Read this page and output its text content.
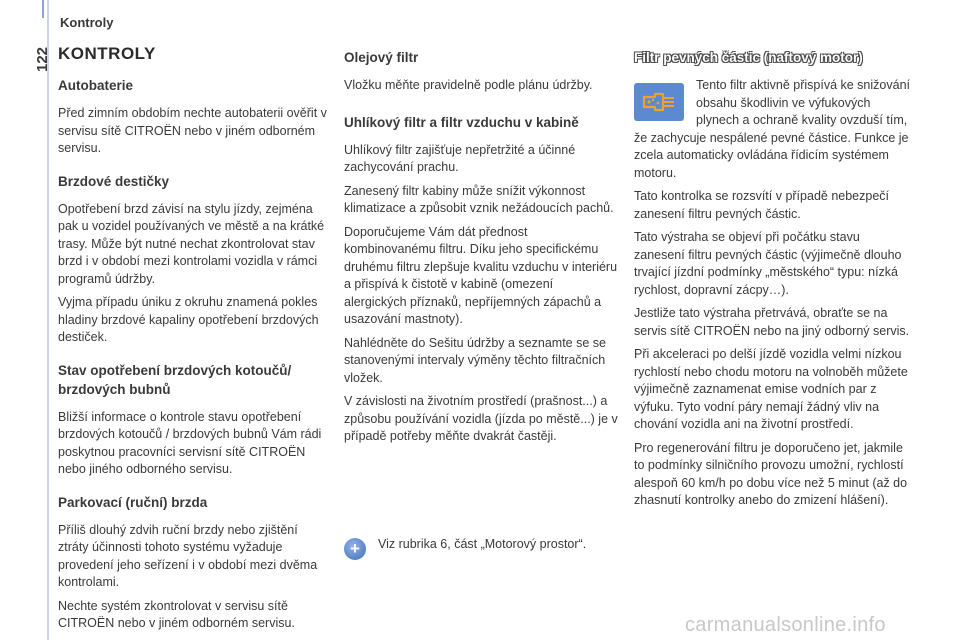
122
Kontroly
KONTROLY
Autobaterie

Před zimním obdobím nechte autobaterii ověřit v servisu sítě CITROËN nebo v jiném odborném servisu.

Brzdové destičky

Opotřebení brzd závisí na stylu jízdy, zejména pak u vozidel používaných ve městě a na krátké trasy. Může být nutné nechat zkontrolovat stav brzd i v období mezi kontrolami vozidla v rámci programů údržby.

Vyjma případu úniku z okruhu znamená pokles hladiny brzdové kapaliny opotřebení brzdových destiček.

Stav opotřebení brzdových kotoučů/ brzdových bubnů

Bližší informace o kontrole stavu opotřebení brzdových kotoučů / brzdových bubnů Vám rádi poskytnou pracovníci servisní sítě CITROËN nebo jiného odborného servisu.

Parkovací (ruční) brzda

Příliš dlouhý zdvih ruční brzdy nebo zjištění ztráty účinnosti tohoto systému vyžaduje provedení jeho seřízení i v období mezi dvěma kontrolami.

Nechte systém zkontrolovat v servisu sítě CITROËN nebo v jiném odborném servisu.

Olejový filtr

Vložku měňte pravidelně podle plánu údržby.

Uhlíkový filtr a filtr vzduchu v kabině

Uhlíkový filtr zajišťuje nepřetržité a účinné zachycování prachu.

Zanesený filtr kabiny může snížit výkonnost klimatizace a způsobit vznik nežádoucích pachů.

Doporučujeme Vám dát přednost kombinovanému filtru. Díku jeho specifickému druhému filtru zlepšuje kvalitu vzduchu v interiéru a přispívá k čistotě v kabině (omezení alergických příznaků, nepříjemných zápachů a usazování mastnoty).

Nahlédněte do Sešitu údržby a seznamte se se stanovenými intervaly výměny těchto filtračních vložek.

V závislosti na životním prostředí (prašnost...) a způsobu používání vozidla (jízda po městě...) je v případě potřeby měňte dvakrát častěji.

+	Viz rubrika 6, část „Motorový prostor“.
Filtr pevných částic (naftový motor)

Tento filtr aktivně přispívá ke snižování obsahu škodlivin ve výfukových plynech a ochraně kvality ovzduší tím, že zachycuje nespálené pevné částice. Funkce je zcela automaticky ovládána řídicím systémem motoru.

Tato kontrolka se rozsvítí v případě nebezpečí zanesení filtru pevných částic.

Tato výstraha se objeví při počátku stavu zanesení filtru pevných částic (výjimečně dlouho trvající jízdní podmínky „městského“ typu: nízká rychlost, dopravní zácpy…).

Jestliže tato výstraha přetrvává, obraťte se na servis sítě CITROËN nebo na jiný odborný servis.

Při akceleraci po delší jízdě vozidla velmi nízkou rychlostí nebo chodu motoru na volnoběh můžete výjimečně zaznamenat emise vodních par z výfuku. Tyto vodní páry nemají žádný vliv na chování vozidla ani na životní prostředí.

Pro regenerování filtru je doporučeno jet, jakmile to podmínky silničního provozu umožní, rychlostí alespoň 60 km/h po dobu více než 5 minut (až do zhasnutí kontrolky anebo do zmizení hlášení).

carmanualsonline.info
